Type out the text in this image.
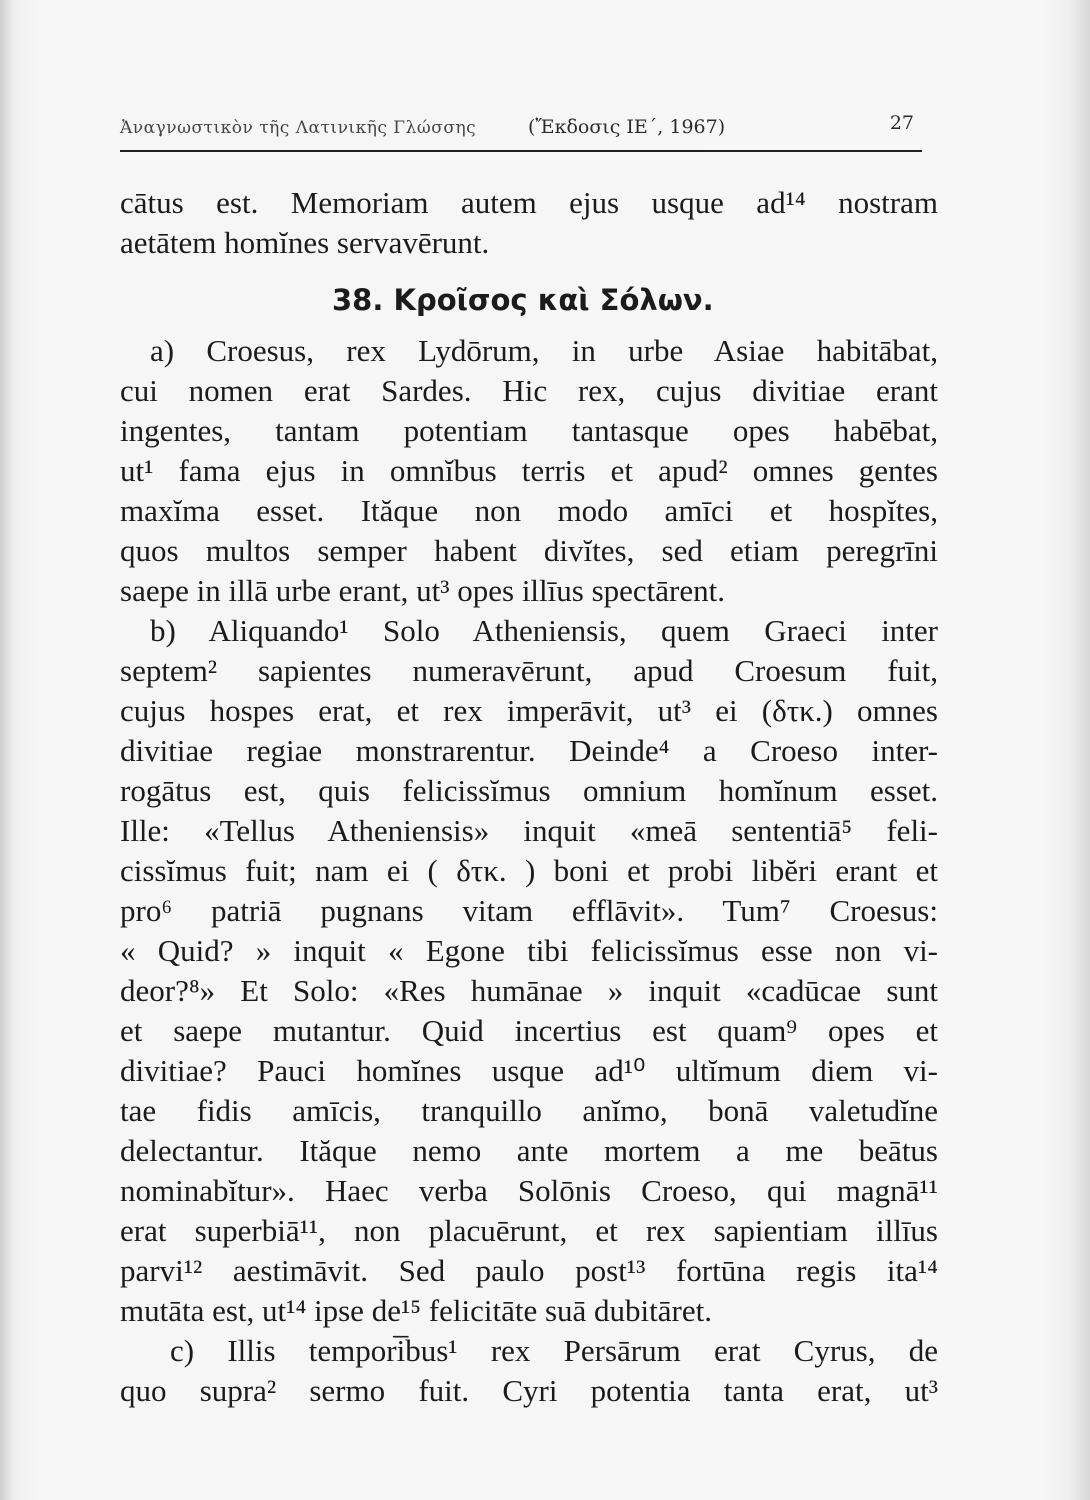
Ἀναγνωστικὸν τῆς Λατινικῆς Γλώσσης	(Ἔκδοσις ΙΕ΄, 1967)	27
cātus est. Memoriam autem ejus usque ad¹⁴ nostram
aetātem homĭnes servavērunt.
38. Κροῖσος καὶ Σόλων.
a) Croesus, rex Lydōrum, in urbe Asiae habitābat,
cui nomen erat Sardes. Hic rex, cujus divitiae erant
ingentes, tantam potentiam tantasque opes habēbat,
ut¹ fama ejus in omnĭbus terris et apud² omnes gentes
maxĭma esset. Ităque non modo amīci et hospĭtes,
quos multos semper habent divĭtes, sed etiam peregrīni
saepe in illā urbe erant, ut³ opes illīus spectārent.
b) Aliquando¹ Solo Atheniensis, quem Graeci inter
septem² sapientes numeravērunt, apud Croesum fuit,
cujus hospes erat, et rex imperāvit, ut³ ei (δτκ.) omnes
divitiae regiae monstrarentur. Deinde⁴ a Croeso inter-
rogātus est, quis felicissĭmus omnium homĭnum esset.
Ille: «Tellus Atheniensis» inquit «meā sententiā⁵ feli-
cissĭmus fuit; nam ei ( δτκ. ) boni et probi libĕri erant et
pro⁶ patriā pugnans vitam efflāvit». Tum⁷ Croesus:
« Quid? » inquit « Egone tibi felicissĭmus esse non vi-
deor?⁸» Et Solo: «Res humānae » inquit «cadūcae sunt
et saepe mutantur. Quid incertius est quam⁹ opes et
divitiae? Pauci homĭnes usque ad¹⁰ ultĭmum diem vi-
tae fidis amīcis, tranquillo anĭmo, bonā valetudĭne
delectantur. Ităque nemo ante mortem a me beātus
nominabĭtur». Haec verba Solōnis Croeso, qui magnā¹¹
erat superbiā¹¹, non placuērunt, et rex sapientiam illīus
parvi¹² aestimāvit. Sed paulo post¹³ fortūna regis ita¹⁴
mutāta est, ut¹⁴ ipse de¹⁵ felicitāte suā dubitāret.
c) Illis tempori̅bus¹ rex Persārum erat Cyrus, de
quo supra² sermo fuit. Cyri potentia tanta erat, ut³
